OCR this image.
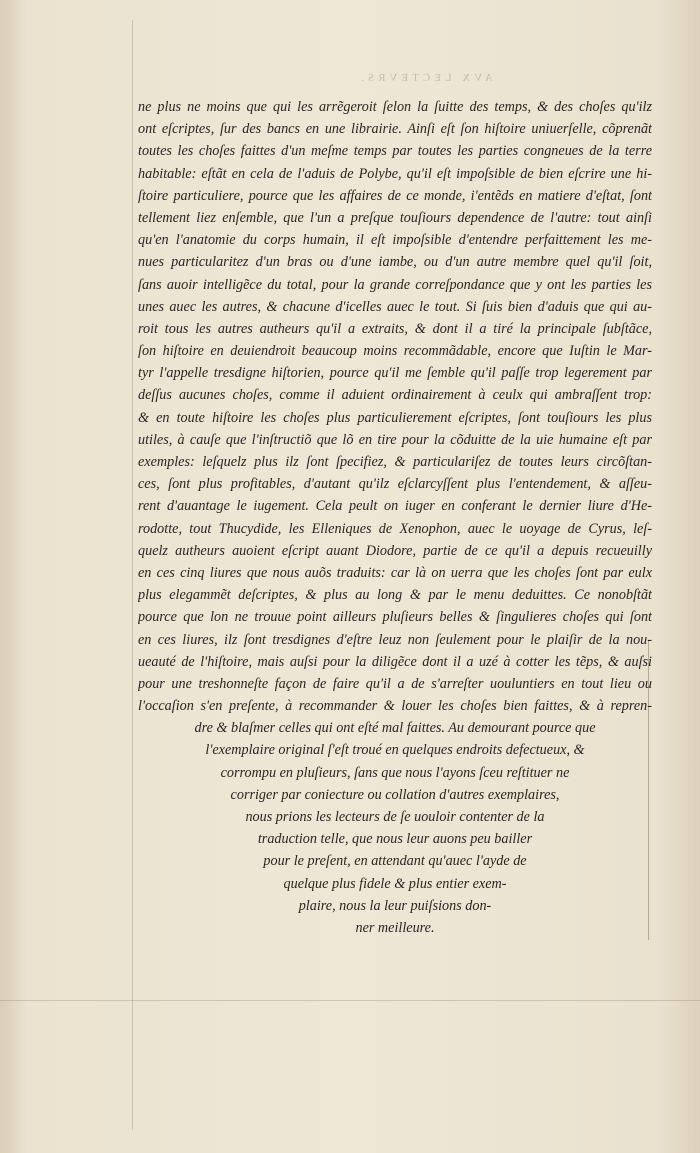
AVX LECTEVRS.
ne plus ne moins que qui les arrẽgeroit ſelon la ſuitte des temps, & des choſes qu'ilz
ont eſcriptes, ſur des bancs en une librairie. Ainſi eſt ſon hiſtoire uniuerſelle, cõprenãt
toutes les choſes faittes d'un meſme temps par toutes les parties congneues de la terre
habitable: eſtãt en cela de l'aduis de Polybe, qu'il eſt impoſsible de bien eſcrire une hi-
ſtoire particuliere, pource que les affaires de ce monde, i'entẽds en matiere d'eſtat, ſont
tellement liez enſemble, que l'un a preſque touſiours dependence de l'autre: tout ainſi
qu'en l'anatomie du corps humain, il eſt impoſsible d'entendre perfaittement les me-
nues particularitez d'un bras ou d'une iambe, ou d'un autre membre quel qu'il ſoit,
ſans auoir intelligẽce du total, pour la grande correſpondance que y ont les parties les
unes auec les autres, & chacune d'icelles auec le tout. Si ſuis bien d'aduis que qui au-
roit tous les autres autheurs qu'il a extraits, & dont il a tiré la principale ſubſtãce,
ſon hiſtoire en deuiendroit beaucoup moins recommãdable, encore que Iuſtin le Mar-
tyr l'appelle tresdigne hiſtorien, pource qu'il me ſemble qu'il paſſe trop legerement par
deſſus aucunes choſes, comme il aduient ordinairement à ceulx qui ambraſſent trop:
& en toute hiſtoire les choſes plus particulierement eſcriptes, ſont touſiours les plus
utiles, à cauſe que l'inſtructiõ que lõ en tire pour la cõduitte de la uie humaine eſt par
exemples: leſquelz plus ilz ſont ſpecifiez, & particulariſez de toutes leurs circõſtan-
ces, ſont plus profitables, d'autant qu'ilz eſclarcyſſent plus l'entendement, & aſſeu-
rent d'auantage le iugement. Cela peult on iuger en conferant le dernier liure d'He-
rodotte, tout Thucydide, les Elleniques de Xenophon, auec le uoyage de Cyrus, leſ-
quelz autheurs auoient eſcript auant Diodore, partie de ce qu'il a depuis recueuilly
en ces cinq liures que nous auõs traduits: car là on uerra que les choſes ſont par eulx
plus elegammẽt deſcriptes, & plus au long & par le menu deduittes. Ce nonobſtãt
pource que lon ne trouue point ailleurs pluſieurs belles & ſingulieres choſes qui ſont
en ces liures, ilz ſont tresdignes d'eſtre leuz non ſeulement pour le plaiſir de la nou-
ueauté de l'hiſtoire, mais auſsi pour la diligẽce dont il a uzé à cotter les tẽps, & auſsi
pour une treshonneſte façon de faire qu'il a de s'arreſter uouluntiers en tout lieu ou
l'occaſion s'en preſente, à recommander & louer les choſes bien faittes, & à repren-
dre & blaſmer celles qui ont eſté mal faittes. Au demourant pource que
l'exemplaire original ſ'eſt troué en quelques endroits defectueux, &
corrompu en pluſieurs, ſans que nous l'ayons ſceu reſtituer ne
corriger par coniecture ou collation d'autres exemplaires,
nous prions les lecteurs de ſe uouloir contenter de la
traduction telle, que nous leur auons peu bailler
pour le preſent, en attendant qu'auec l'ayde de
quelque plus fidele & plus entier exem-
plaire, nous la leur puiſsions don-
ner meilleure.
